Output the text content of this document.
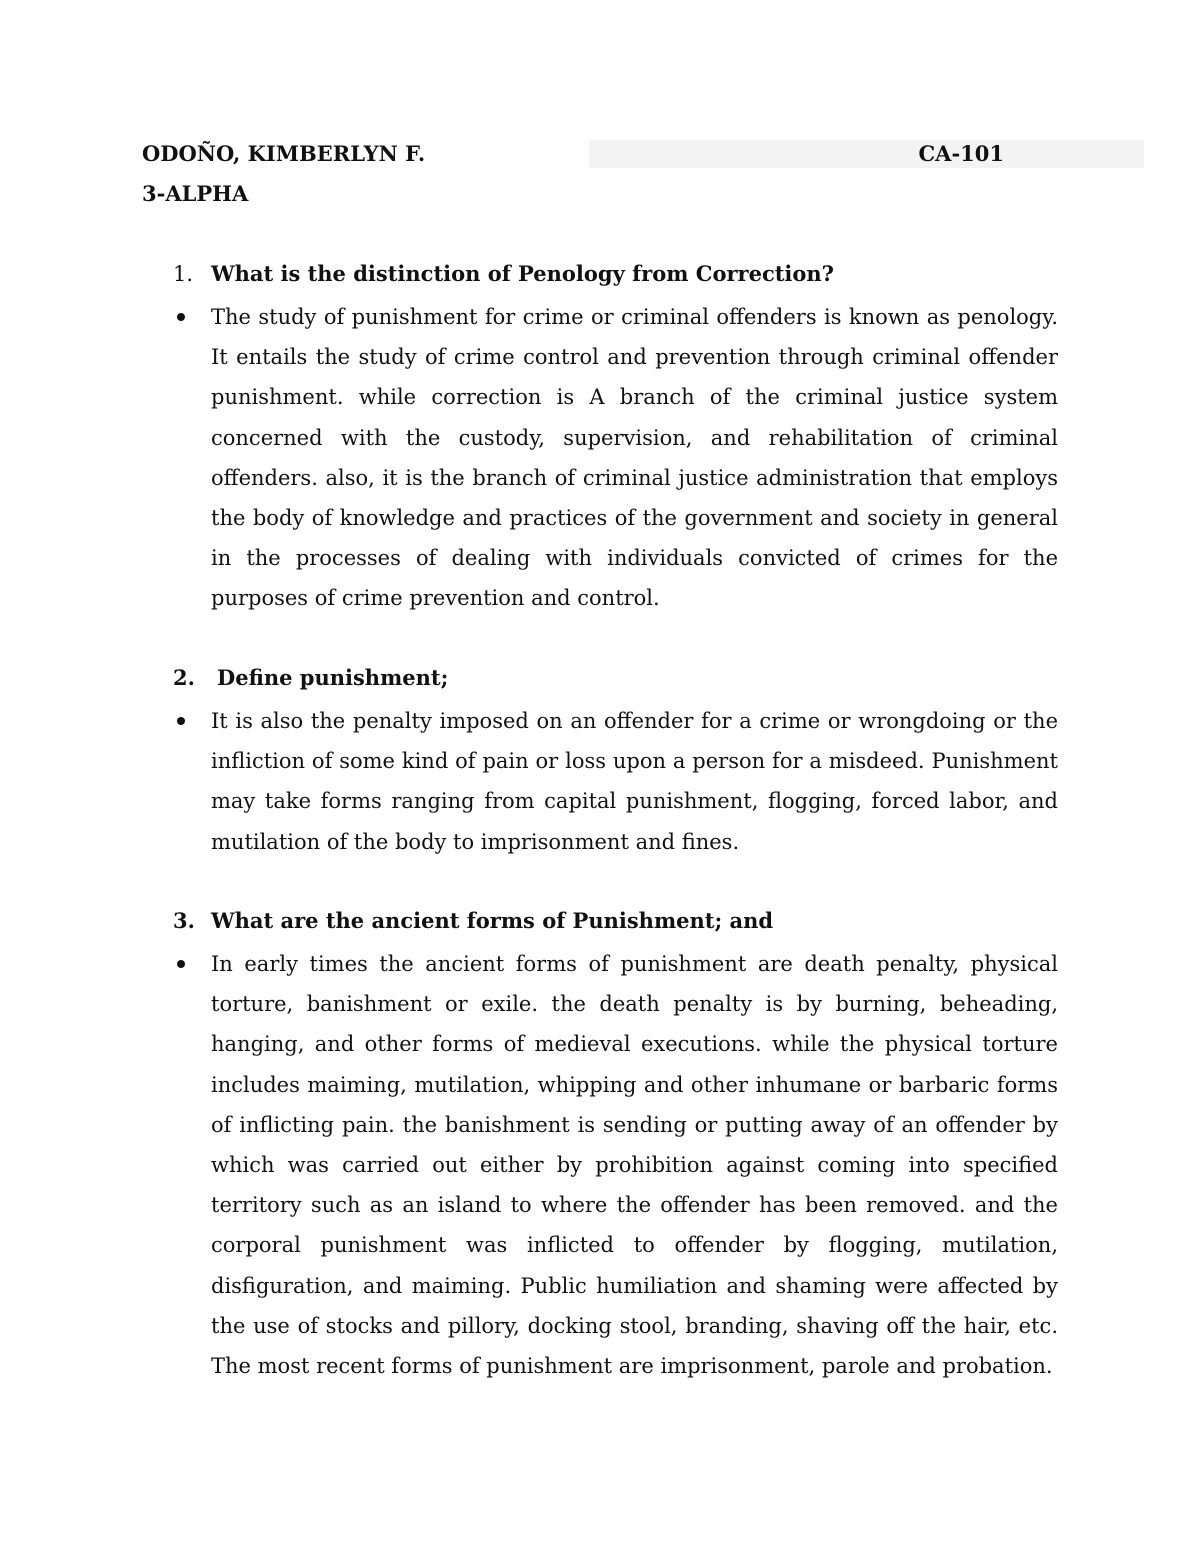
ODOÑO, KIMBERLYN F.	CA-101
3-ALPHA
1. What is the distinction of Penology from Correction?
The study of punishment for crime or criminal offenders is known as penology. It entails the study of crime control and prevention through criminal offender punishment. while correction is A branch of the criminal justice system concerned with the custody, supervision, and rehabilitation of criminal offenders. also, it is the branch of criminal justice administration that employs the body of knowledge and practices of the government and society in general in the processes of dealing with individuals convicted of crimes for the purposes of crime prevention and control.
2.	Define punishment;
It is also the penalty imposed on an offender for a crime or wrongdoing or the infliction of some kind of pain or loss upon a person for a misdeed. Punishment may take forms ranging from capital punishment, flogging, forced labor, and mutilation of the body to imprisonment and fines.
3. What are the ancient forms of Punishment; and
In early times the ancient forms of punishment are death penalty, physical torture, banishment or exile. the death penalty is by burning, beheading, hanging, and other forms of medieval executions. while the physical torture includes maiming, mutilation, whipping and other inhumane or barbaric forms of inflicting pain. the banishment is sending or putting away of an offender by which was carried out either by prohibition against coming into specified territory such as an island to where the offender has been removed. and the corporal punishment was inflicted to offender by flogging, mutilation, disfiguration, and maiming. Public humiliation and shaming were affected by the use of stocks and pillory, docking stool, branding, shaving off the hair, etc. The most recent forms of punishment are imprisonment, parole and probation.
